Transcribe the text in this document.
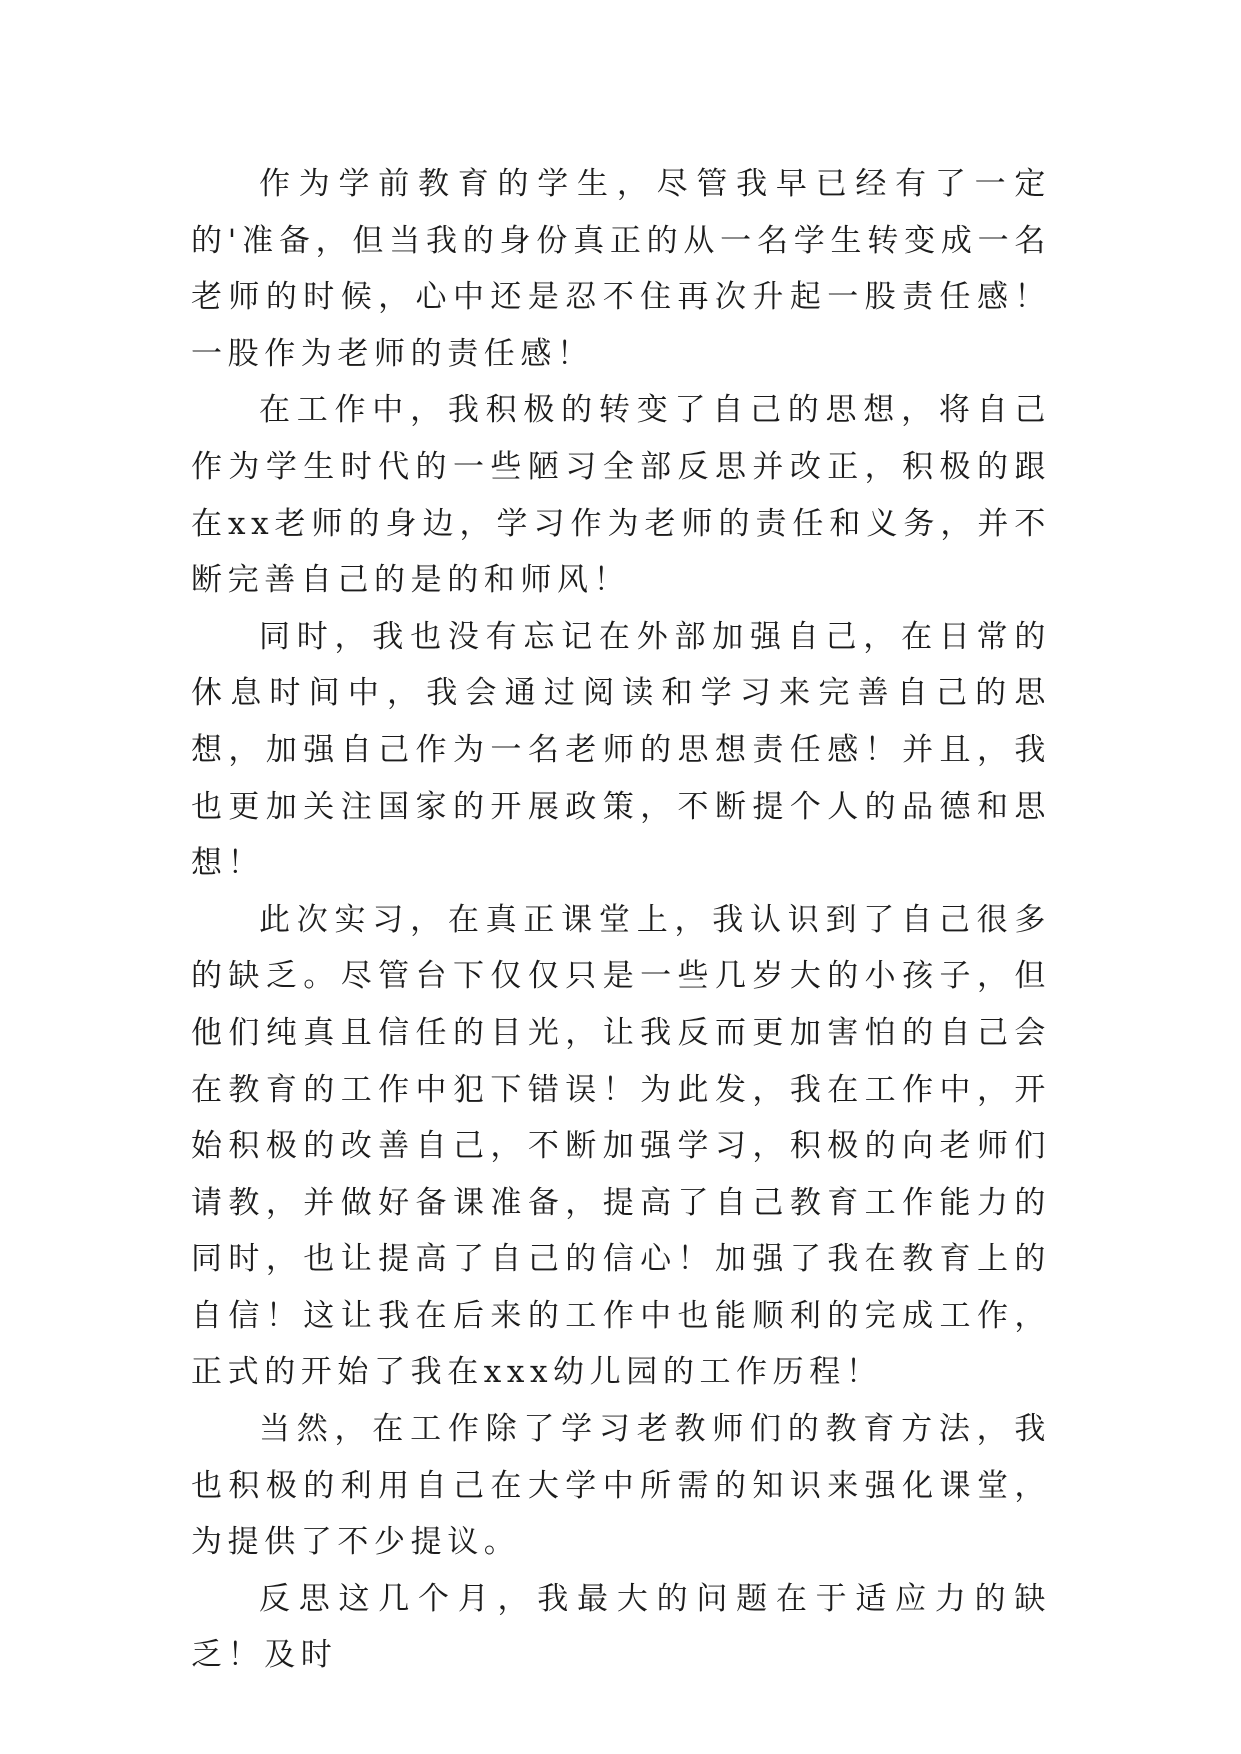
作为学前教育的学生，尽管我早已经有了一定的'准备，但当我的身份真正的从一名学生转变成一名老师的时候，心中还是忍不住再次升起一股责任感！一股作为老师的责任感！

在工作中，我积极的转变了自己的思想，将自己作为学生时代的一些陋习全部反思并改正，积极的跟在xx老师的身边，学习作为老师的责任和义务，并不断完善自己的是的和师风！

同时，我也没有忘记在外部加强自己，在日常的休息时间中，我会通过阅读和学习来完善自己的思想，加强自己作为一名老师的思想责任感！并且，我也更加关注国家的开展政策，不断提个人的品德和思想！

此次实习，在真正课堂上，我认识到了自己很多的缺乏。尽管台下仅仅只是一些几岁大的小孩子，但他们纯真且信任的目光，让我反而更加害怕的自己会在教育的工作中犯下错误！为此发，我在工作中，开始积极的改善自己，不断加强学习，积极的向老师们请教，并做好备课准备，提高了自己教育工作能力的同时，也让提高了自己的信心！加强了我在教育上的自信！这让我在后来的工作中也能顺利的完成工作，正式的开始了我在xxx幼儿园的工作历程！

当然，在工作除了学习老教师们的教育方法，我也积极的利用自己在大学中所需的知识来强化课堂，为提供了不少提议。

反思这几个月，我最大的问题在于适应力的缺乏！及时
